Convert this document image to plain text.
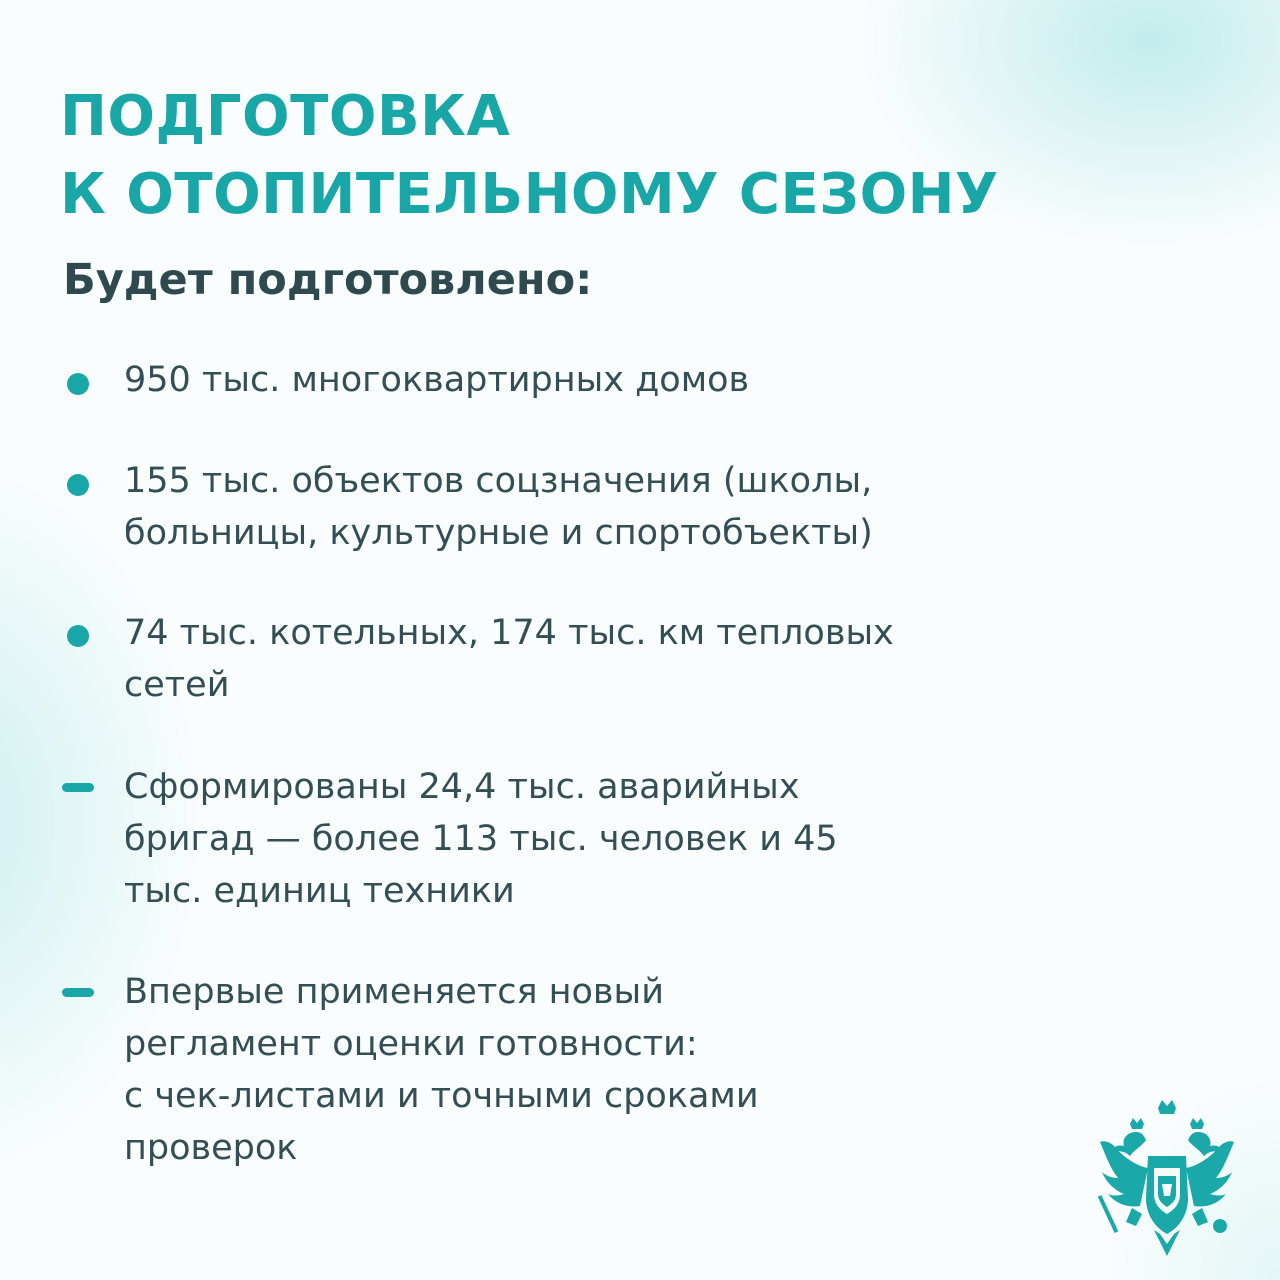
ПОДГОТОВКА
К ОТОПИТЕЛЬНОМУ СЕЗОНУ
Будет подготовлено:

950 тыс. многоквартирных домов

155 тыс. объектов соцзначения (школы,
больницы, культурные и спортобъекты)

74 тыс. котельных, 174 тыс. км тепловых
сетей

Сформированы 24,4 тыс. аварийных
бригад — более 113 тыс. человек и 45
тыс. единиц техники

Впервые применяется новый
регламент оценки готовности:
с чек-листами и точными сроками
проверок
